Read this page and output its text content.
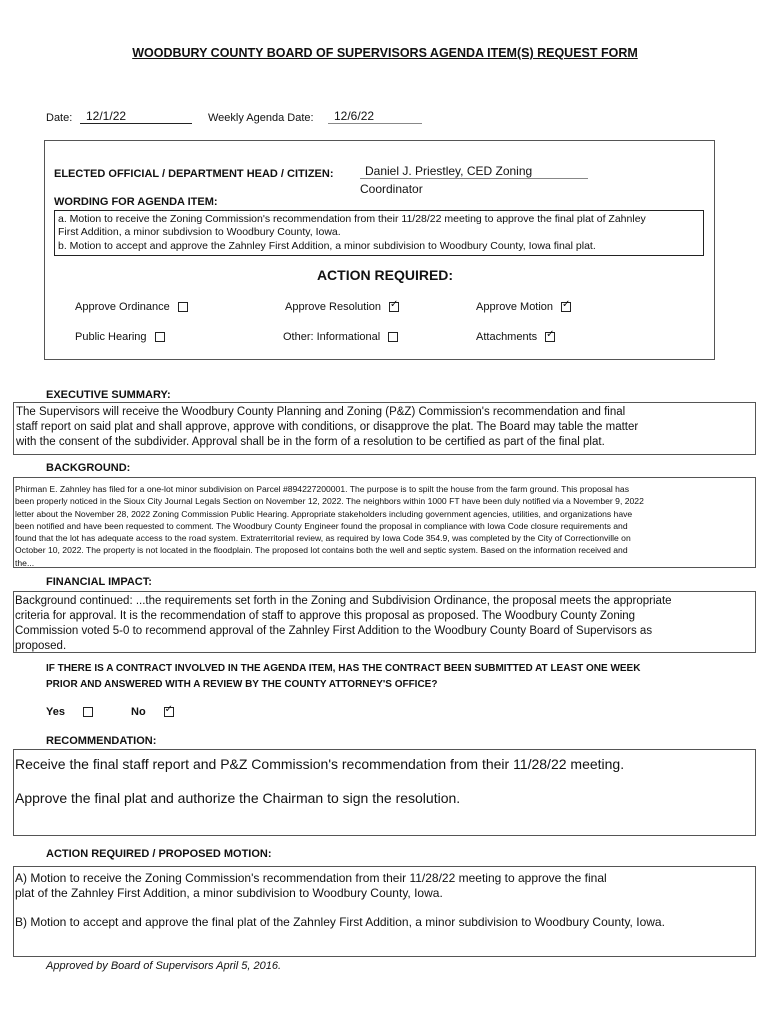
WOODBURY COUNTY BOARD OF SUPERVISORS AGENDA ITEM(S) REQUEST FORM
Date:	12/1/22	Weekly Agenda Date:	12/6/22
ELECTED OFFICIAL / DEPARTMENT HEAD / CITIZEN:	Daniel J. Priestley, CED Zoning Coordinator
WORDING FOR AGENDA ITEM:
a. Motion to receive the Zoning Commission's recommendation from their 11/28/22 meeting to approve the final plat of Zahnley
First Addition, a minor subdivsion to Woodbury County, Iowa.
b. Motion to accept and approve the Zahnley First Addition, a minor subdivision to Woodbury County, Iowa final plat.
ACTION REQUIRED:
Approve Ordinance	Approve Resolution✓	Approve Motion✓
Public Hearing	Other: Informational	Attachments✓
EXECUTIVE SUMMARY:
The Supervisors will receive the Woodbury County Planning and Zoning (P&Z) Commission's recommendation and final
staff report on said plat and shall approve, approve with conditions, or disapprove the plat. The Board may table the matter
with the consent of the subdivider. Approval shall be in the form of a resolution to be certified as part of the final plat.
BACKGROUND:
Phirman E. Zahnley has filed for a one-lot minor subdivision on Parcel #894227200001. The purpose is to spilt the house from the farm ground. This proposal has
been properly noticed in the Sioux City Journal Legals Section on November 12, 2022. The neighbors within 1000 FT have been duly notified via a November 9, 2022
letter about the November 28, 2022 Zoning Commission Public Hearing. Appropriate stakeholders including government agencies, utilities, and organizations have
been notified and have been requested to comment. The Woodbury County Engineer found the proposal in compliance with Iowa Code closure requirements and
found that the lot has adequate access to the road system. Extraterritorial review, as required by Iowa Code 354.9, was completed by the City of Correctionville on
October 10, 2022. The property is not located in the floodplain. The proposed lot contains both the well and septic system. Based on the information received and
the...
FINANCIAL IMPACT:
Background continued: ...the requirements set forth in the Zoning and Subdivision Ordinance, the proposal meets the appropriate
criteria for approval. It is the recommendation of staff to approve this proposal as proposed. The Woodbury County Zoning
Commission voted 5-0 to recommend approval of the Zahnley First Addition to the Woodbury County Board of Supervisors as
proposed.
IF THERE IS A CONTRACT INVOLVED IN THE AGENDA ITEM, HAS THE CONTRACT BEEN SUBMITTED AT LEAST ONE WEEK
PRIOR AND ANSWERED WITH A REVIEW BY THE COUNTY ATTORNEY'S OFFICE?
Yes	No✓
RECOMMENDATION:
Receive the final staff report and P&Z Commission's recommendation from their 11/28/22 meeting.
Approve the final plat and authorize the Chairman to sign the resolution.
ACTION REQUIRED / PROPOSED MOTION:
A) Motion to receive the Zoning Commission's recommendation from their 11/28/22 meeting to approve the final
plat of the Zahnley First Addition, a minor subdivision to Woodbury County, Iowa.
B) Motion to accept and approve the final plat of the Zahnley First Addition, a minor subdivision to Woodbury County, Iowa.
Approved by Board of Supervisors April 5, 2016.
